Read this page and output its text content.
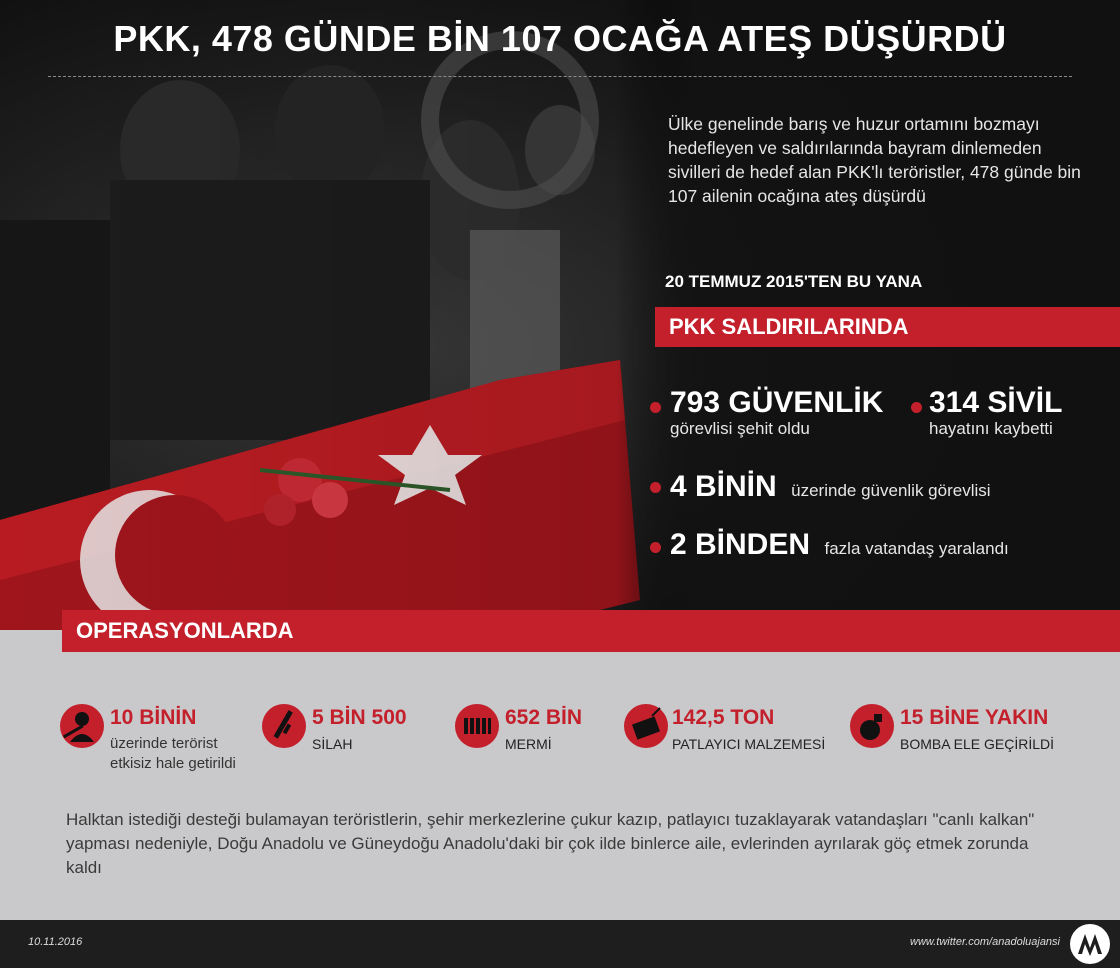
PKK, 478 GÜNDE BİN 107 OCAĞA ATEŞ DÜŞÜRDÜ
Ülke genelinde barış ve huzur ortamını bozmayı hedefleyen ve saldırılarında bayram dinlemeden sivilleri de hedef alan PKK'lı teröristler, 478 günde bin 107 ailenin ocağına ateş düşürdü
20 TEMMUZ 2015'TEN BU YANA
PKK SALDIRILARINDA
793 GÜVENLİK
görevlisi şehit oldu
314 SİVİL
hayatını kaybetti
4 BİNİN üzerinde güvenlik görevlisi
2 BİNDEN fazla vatandaş yaralandı
OPERASYONLARDA
10 BİNİN
üzerinde terörist
etkisiz hale getirildi
5 BİN 500
SİLAH
652 BİN
MERMİ
142,5 TON
PATLAYICI MALZEMESİ
15 BİNE YAKIN
BOMBA ELE GEÇİRİLDİ
Halktan istediği desteği bulamayan teröristlerin, şehir merkezlerine çukur kazıp, patlayıcı tuzaklayarak vatandaşları "canlı kalkan" yapması nedeniyle, Doğu Anadolu ve Güneydoğu Anadolu'daki bir çok ilde binlerce aile, evlerinden ayrılarak göç etmek zorunda kaldı
10.11.2016	www.twitter.com/anadoluajansi
